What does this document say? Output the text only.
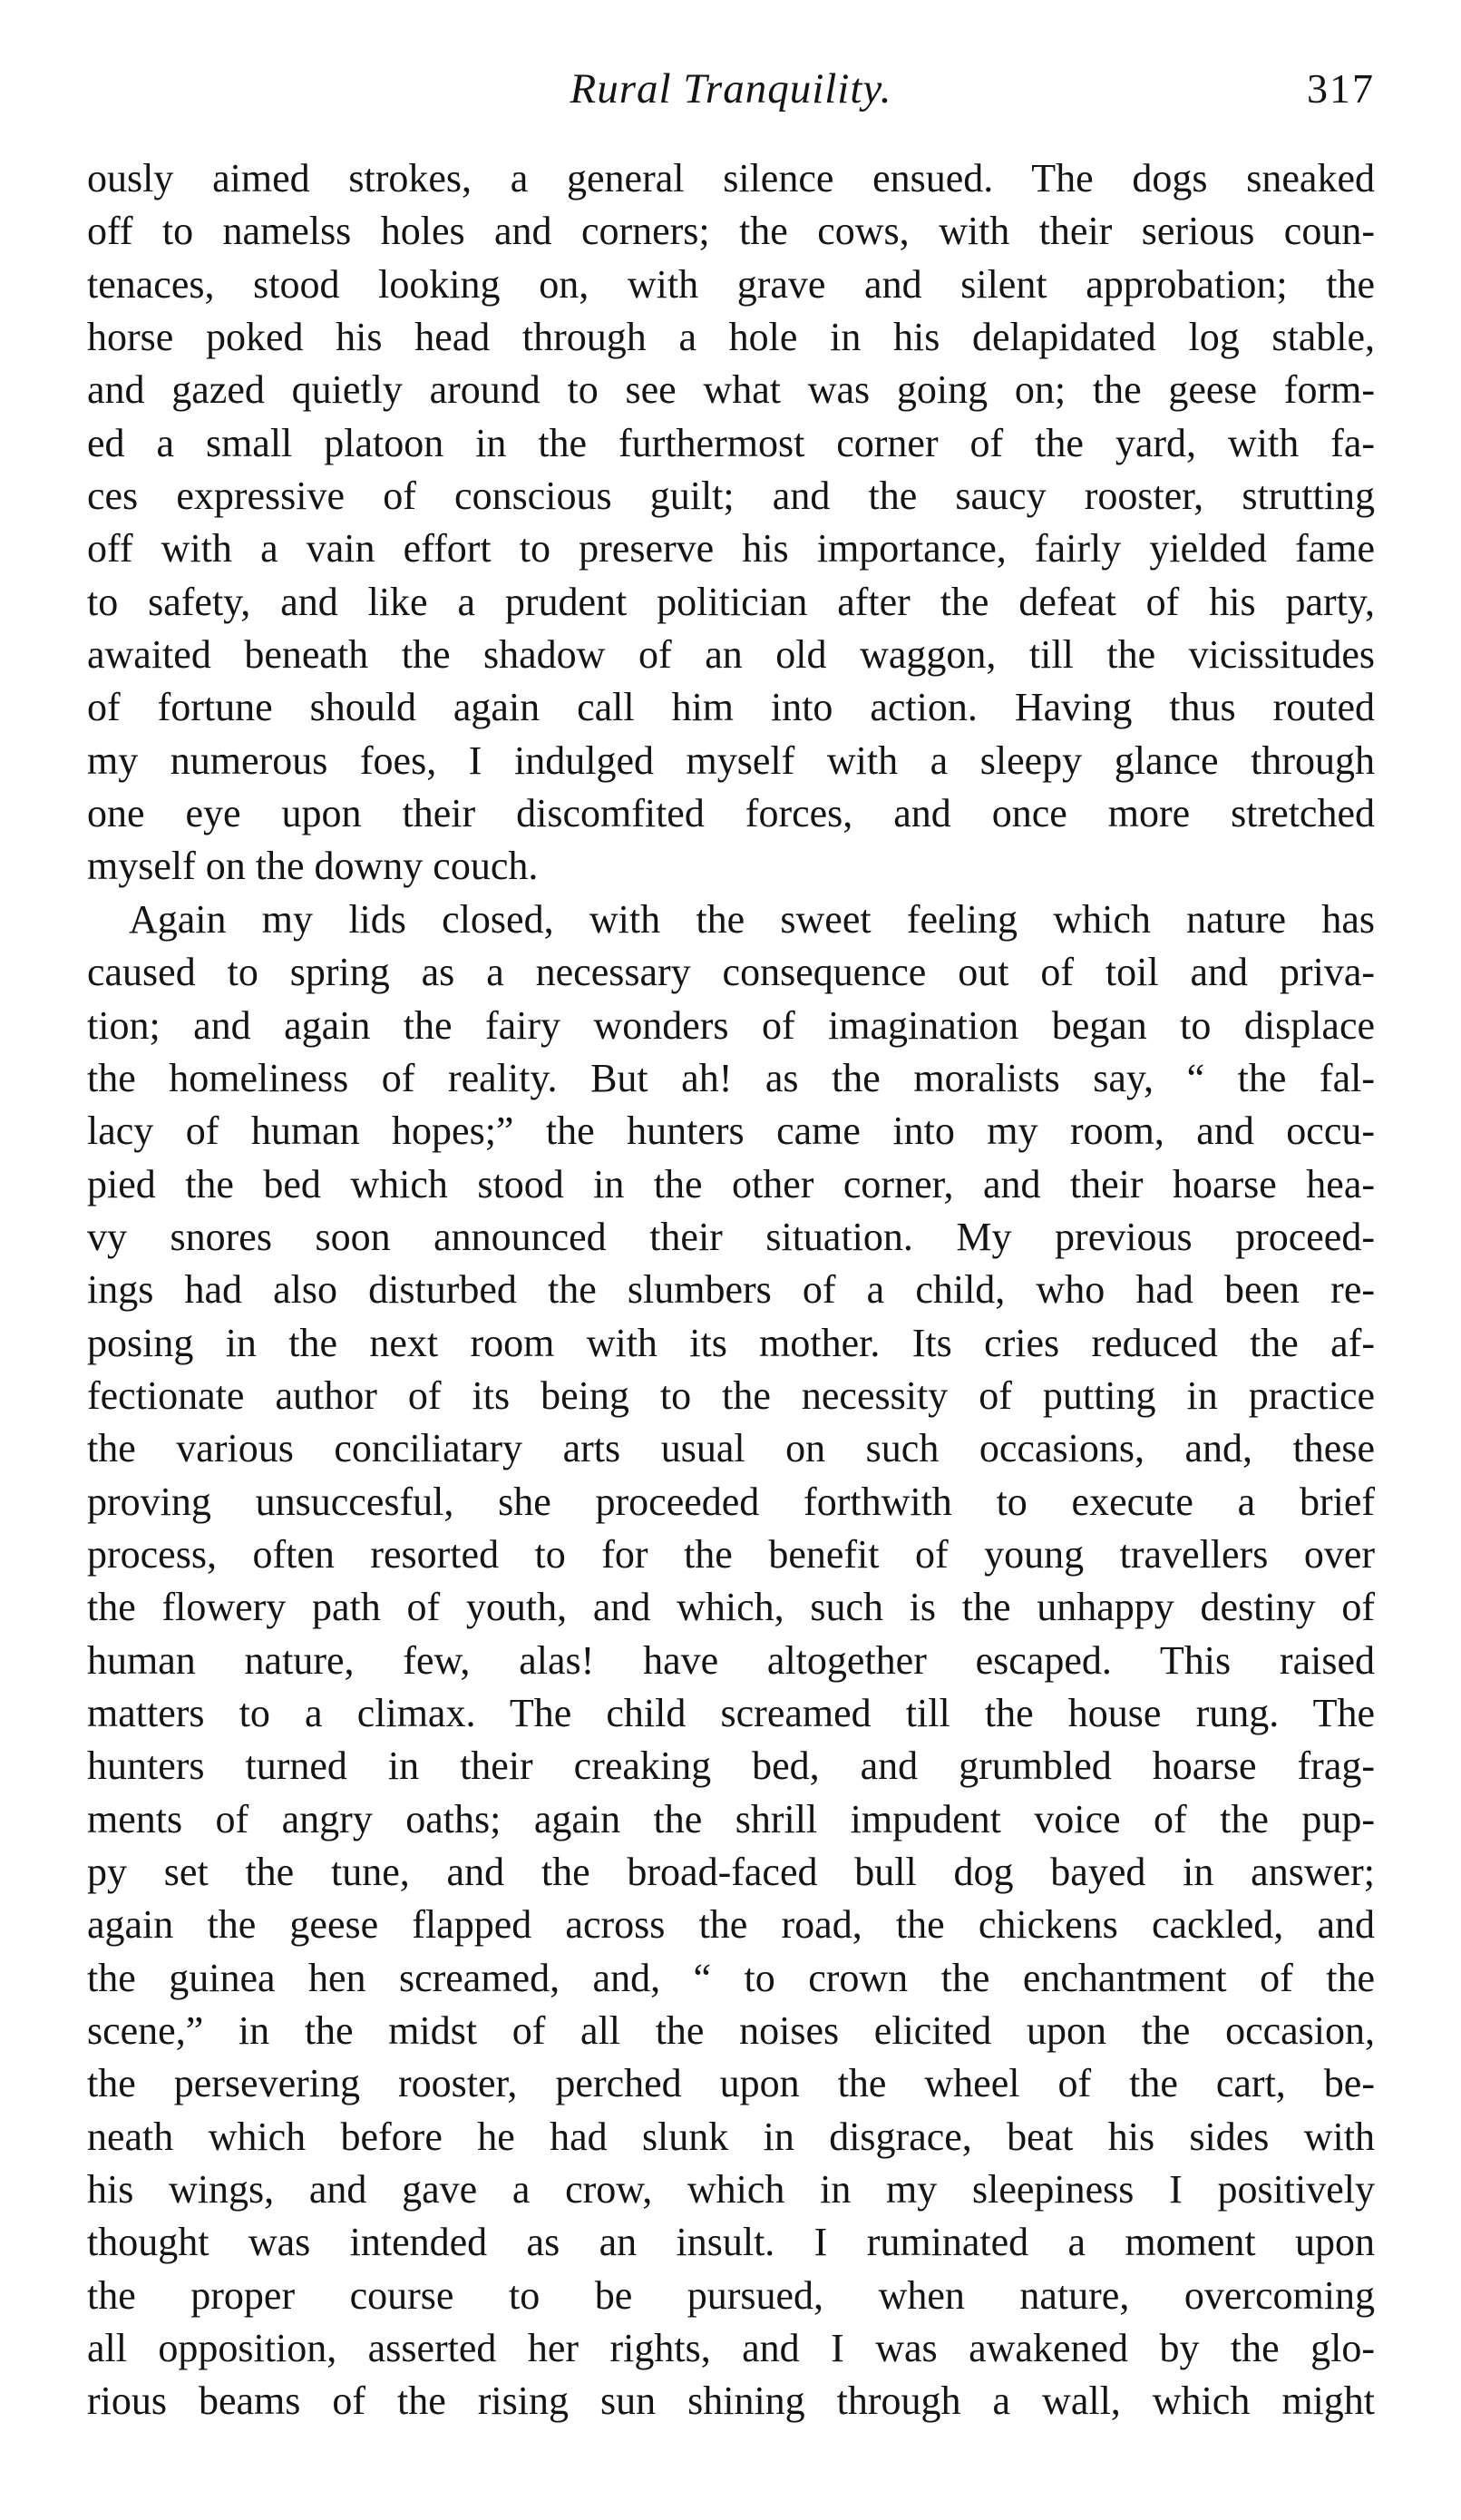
Rural Tranquility.	317
ously aimed strokes, a general silence ensued. The dogs sneaked
off to namelss holes and corners; the cows, with their serious coun-
tenaces, stood looking on, with grave and silent approbation; the
horse poked his head through a hole in his delapidated log stable,
and gazed quietly around to see what was going on; the geese form-
ed a small platoon in the furthermost corner of the yard, with fa-
ces expressive of conscious guilt; and the saucy rooster, strutting
off with a vain effort to preserve his importance, fairly yielded fame
to safety, and like a prudent politician after the defeat of his party,
awaited beneath the shadow of an old waggon, till the vicissitudes
of fortune should again call him into action. Having thus routed
my numerous foes, I indulged myself with a sleepy glance through
one eye upon their discomfited forces, and once more stretched
myself on the downy couch.
Again my lids closed, with the sweet feeling which nature has
caused to spring as a necessary consequence out of toil and priva-
tion; and again the fairy wonders of imagination began to displace
the homeliness of reality. But ah! as the moralists say, “ the fal-
lacy of human hopes;” the hunters came into my room, and occu-
pied the bed which stood in the other corner, and their hoarse hea-
vy snores soon announced their situation. My previous proceed-
ings had also disturbed the slumbers of a child, who had been re-
posing in the next room with its mother. Its cries reduced the af-
fectionate author of its being to the necessity of putting in practice
the various conciliatary arts usual on such occasions, and, these
proving unsuccesful, she proceeded forthwith to execute a brief
process, often resorted to for the benefit of young travellers over
the flowery path of youth, and which, such is the unhappy destiny of
human nature, few, alas! have altogether escaped. This raised
matters to a climax. The child screamed till the house rung. The
hunters turned in their creaking bed, and grumbled hoarse frag-
ments of angry oaths; again the shrill impudent voice of the pup-
py set the tune, and the broad-faced bull dog bayed in answer;
again the geese flapped across the road, the chickens cackled, and
the guinea hen screamed, and, “ to crown the enchantment of the
scene,” in the midst of all the noises elicited upon the occasion,
the persevering rooster, perched upon the wheel of the cart, be-
neath which before he had slunk in disgrace, beat his sides with
his wings, and gave a crow, which in my sleepiness I positively
thought was intended as an insult. I ruminated a moment upon
the proper course to be pursued, when nature, overcoming
all opposition, asserted her rights, and I was awakened by the glo-
rious beams of the rising sun shining through a wall, which might
